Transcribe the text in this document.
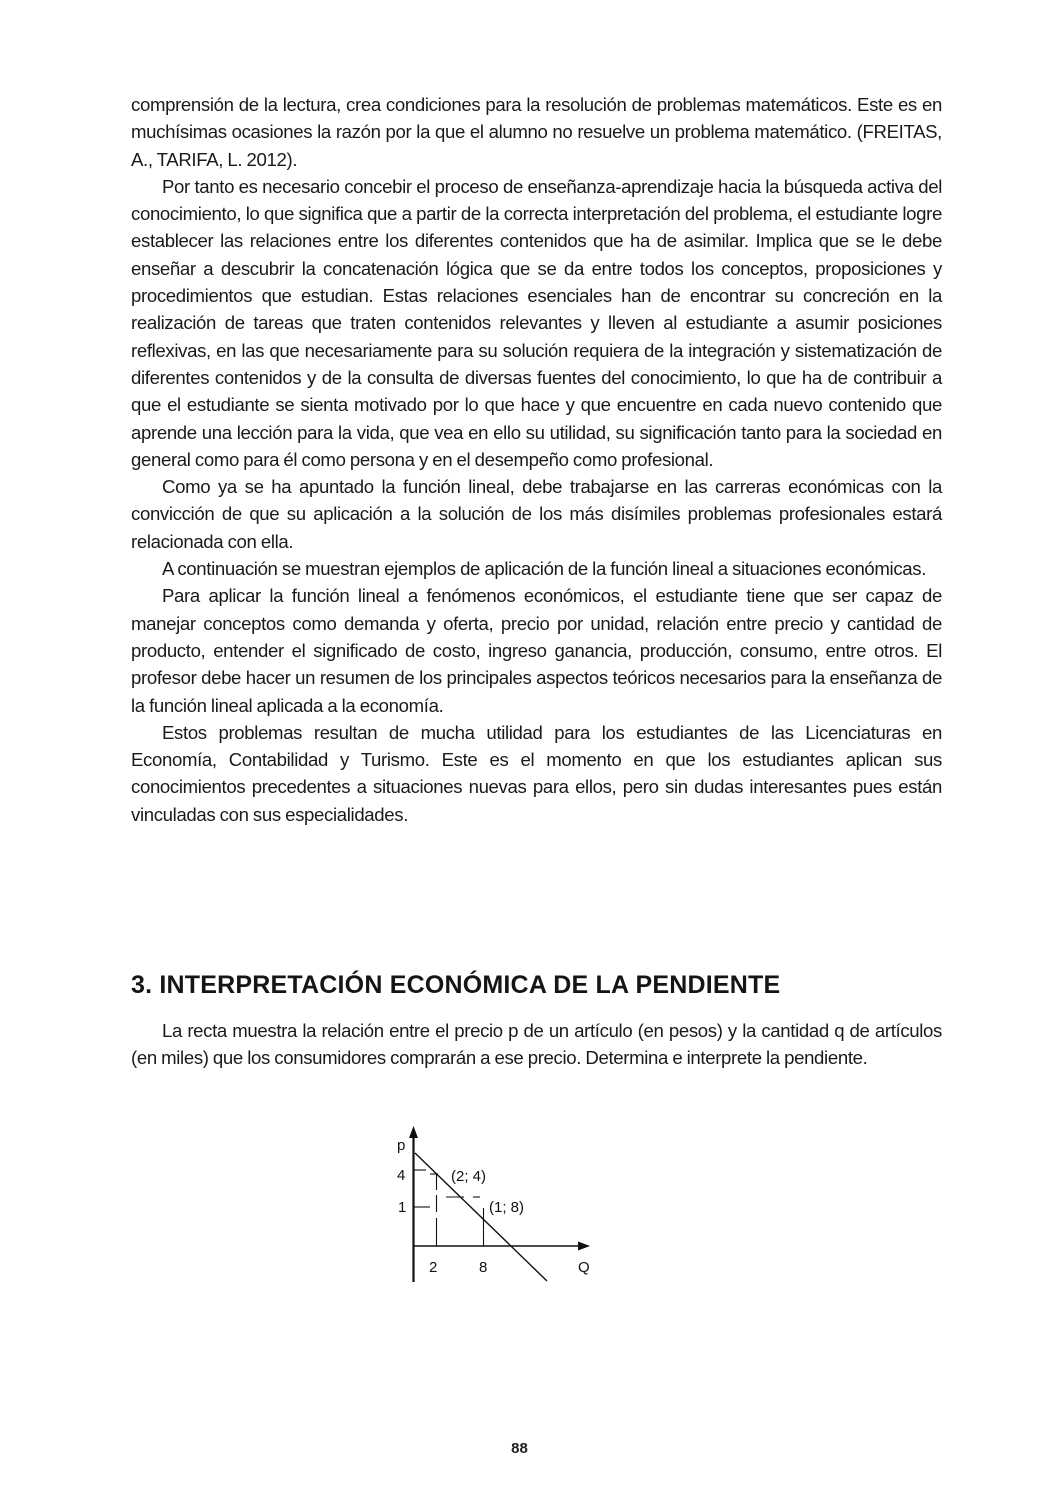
comprensión de la lectura, crea condiciones para la resolución de problemas matemáticos. Este es en muchísimas ocasiones la razón por la que el alumno no resuelve un problema matemático. (FREITAS, A., TARIFA, L. 2012).

Por tanto es necesario concebir el proceso de enseñanza-aprendizaje hacia la búsqueda activa del conocimiento, lo que significa que a partir de la correcta interpretación del problema, el estudiante logre establecer las relaciones entre los diferentes contenidos que ha de asimilar. Implica que se le debe enseñar a descubrir la concatenación lógica que se da entre todos los conceptos, proposiciones y procedimientos que estudian. Estas relaciones esenciales han de encontrar su concreción en la realización de tareas que traten contenidos relevantes y lleven al estudiante a asumir posiciones reflexivas, en las que necesariamente para su solución requiera de la integración y sistematización de diferentes contenidos y de la consulta de diversas fuentes del conocimiento, lo que ha de contribuir a que el estudiante se sienta motivado por lo que hace y que encuentre en cada nuevo contenido que aprende una lección para la vida, que vea en ello su utilidad, su significación tanto para la sociedad en general como para él como persona y en el desempeño como profesional.

Como ya se ha apuntado la función lineal, debe trabajarse en las carreras económicas con la convicción de que su aplicación a la solución de los más disímiles problemas profesionales estará relacionada con ella.

A continuación se muestran ejemplos de aplicación de la función lineal a situaciones económicas.

Para aplicar la función lineal a fenómenos económicos, el estudiante tiene que ser capaz de manejar conceptos como demanda y oferta, precio por unidad, relación entre precio y cantidad de producto, entender el significado de costo, ingreso ganancia, producción, consumo, entre otros. El profesor debe hacer un resumen de los principales aspectos teóricos necesarios para la enseñanza de la función lineal aplicada a la economía.

Estos problemas resultan de mucha utilidad para los estudiantes de las Licenciaturas en Economía, Contabilidad y Turismo. Este es el momento en que los estudiantes aplican sus conocimientos precedentes a situaciones nuevas para ellos, pero sin dudas interesantes pues están vinculadas con sus especialidades.

3. INTERPRETACIÓN ECONÓMICA DE LA PENDIENTE

La recta muestra la relación entre el precio p de un artículo (en pesos) y la cantidad q de artículos (en miles) que los consumidores comprarán a ese precio. Determina e interprete la pendiente.

p
4
1
(2; 4)
(1; 8)
2	8	Q

88
